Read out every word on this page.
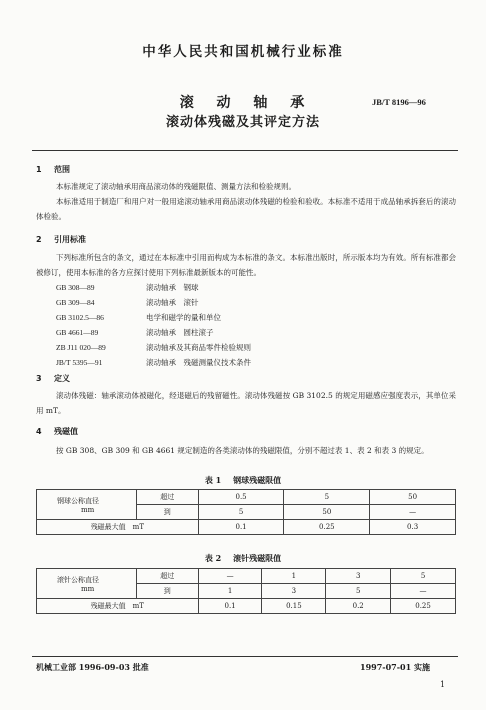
中华人民共和国机械行业标准
滚 动 轴 承	JB/T 8196—96
滚动体残磁及其评定方法
1 范围
本标准规定了滚动轴承用商品滚动体的残磁限值、测量方法和检验规则。
本标准适用于制造厂和用户对一般用途滚动轴承用商品滚动体残磁的检验和验收。本标准不适用于成品轴承拆套后的滚动体检验。
2 引用标准
下列标准所包含的条文，通过在本标准中引用而构成为本标准的条文。本标准出版时，所示版本均为有效。所有标准都会被修订，使用本标准的各方应探讨使用下列标准最新版本的可能性。
GB 308—89	滚动轴承　钢球
GB 309—84	滚动轴承　滚针
GB 3102.5—86	电学和磁学的量和单位
GB 4661—89	滚动轴承　圆柱滚子
ZB J11 020—89	滚动轴承及其商品零件检验规则
JB/T 5395—91	滚动轴承　残磁测量仪技术条件
3 定义
滚动体残磁：轴承滚动体被磁化，经退磁后的残留磁性。滚动体残磁按 GB 3102.5 的规定用磁感应强度表示，其单位采用 mT。
4 残磁值
按 GB 308、GB 309 和 GB 4661 规定制造的各类滚动体的残磁限值，分别不超过表 1、表 2 和表 3 的规定。
表 1 钢球残磁限值
钢球公称直径
mm	超过	0.5	5	50
	到	5	50	—
残磁最大值　mT		0.1	0.25	0.3
表 2 滚针残磁限值
滚针公称直径
mm	超过	—	1	3	5
	到	1	3	5	—
残磁最大值　mT		0.1	0.15	0.2	0.25
机械工业部 1996-09-03 批准	1997-07-01 实施
1
